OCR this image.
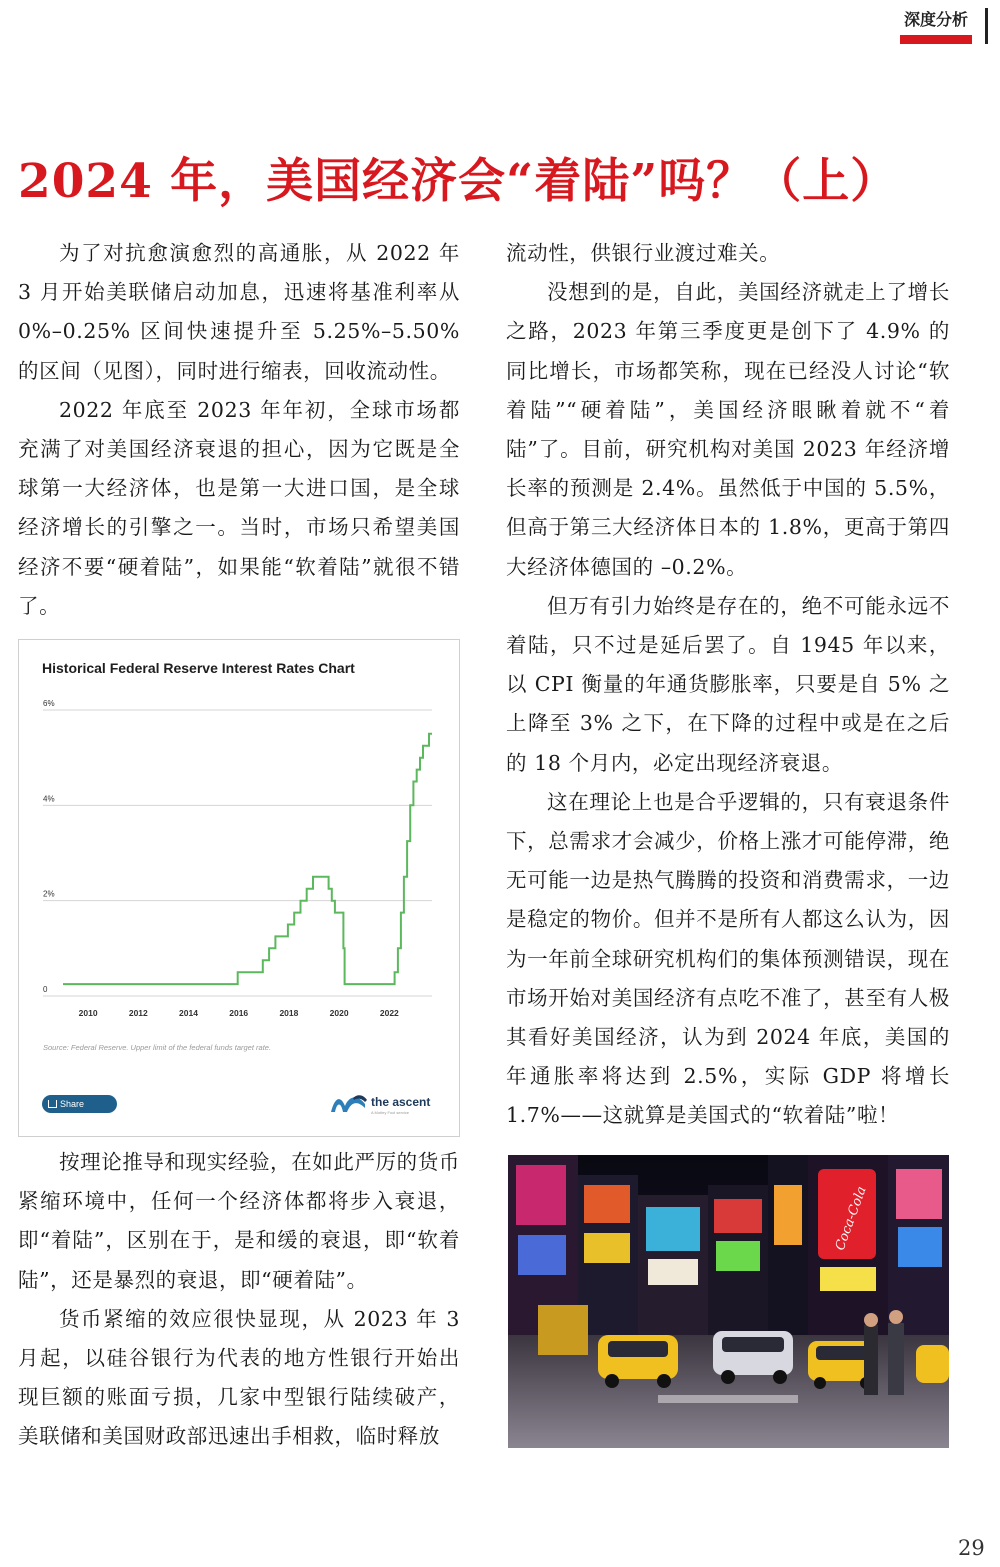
深度分析
2024 年，美国经济会“着陆”吗？（上）

为了对抗愈演愈烈的高通胀，从 2022 年 3 月开始美联储启动加息，迅速将基准利率从 0%–0.25% 区间快速提升至 5.25%–5.50% 的区间（见图），同时进行缩表，回收流动性。

2022 年底至 2023 年年初，全球市场都充满了对美国经济衰退的担心，因为它既是全球第一大经济体，也是第一大进口国，是全球经济增长的引擎之一。当时，市场只希望美国经济不要“硬着陆”，如果能“软着陆”就很不错了。

0
2%
4%
6%
2010	2012	2014	2016	2018	2020	2022
Historical Federal Reserve Interest Rates Chart
Source: Federal Reserve. Upper limit of the federal funds target rate.
Share	the ascent
A Motley Fool service

按理论推导和现实经验，在如此严厉的货币紧缩环境中，任何一个经济体都将步入衰退，即“着陆”，区别在于，是和缓的衰退，即“软着陆”，还是暴烈的衰退，即“硬着陆”。

货币紧缩的效应很快显现，从 2023 年 3 月起，以硅谷银行为代表的地方性银行开始出现巨额的账面亏损，几家中型银行陆续破产，美联储和美国财政部迅速出手相救，临时释放

流动性，供银行业渡过难关。

没想到的是，自此，美国经济就走上了增长之路，2023 年第三季度更是创下了 4.9% 的同比增长，市场都笑称，现在已经没人讨论“软着陆”“硬着陆”，美国经济眼瞅着就不“着陆”了。目前，研究机构对美国 2023 年经济增长率的预测是 2.4%。虽然低于中国的 5.5%，但高于第三大经济体日本的 1.8%，更高于第四大经济体德国的 –0.2%。

但万有引力始终是存在的，绝不可能永远不着陆，只不过是延后罢了。自 1945 年以来，以 CPI 衡量的年通货膨胀率，只要是自 5% 之上降至 3% 之下，在下降的过程中或是在之后的 18 个月内，必定出现经济衰退。

这在理论上也是合乎逻辑的，只有衰退条件下，总需求才会减少，价格上涨才可能停滞，绝无可能一边是热气腾腾的投资和消费需求，一边是稳定的物价。但并不是所有人都这么认为，因为一年前全球研究机构们的集体预测错误，现在市场开始对美国经济有点吃不准了，甚至有人极其看好美国经济，认为到 2024 年底，美国的年通胀率将达到 2.5%，实际 GDP 将增长 1.7%——这就算是美国式的“软着陆”啦！

Coca-Cola
29
